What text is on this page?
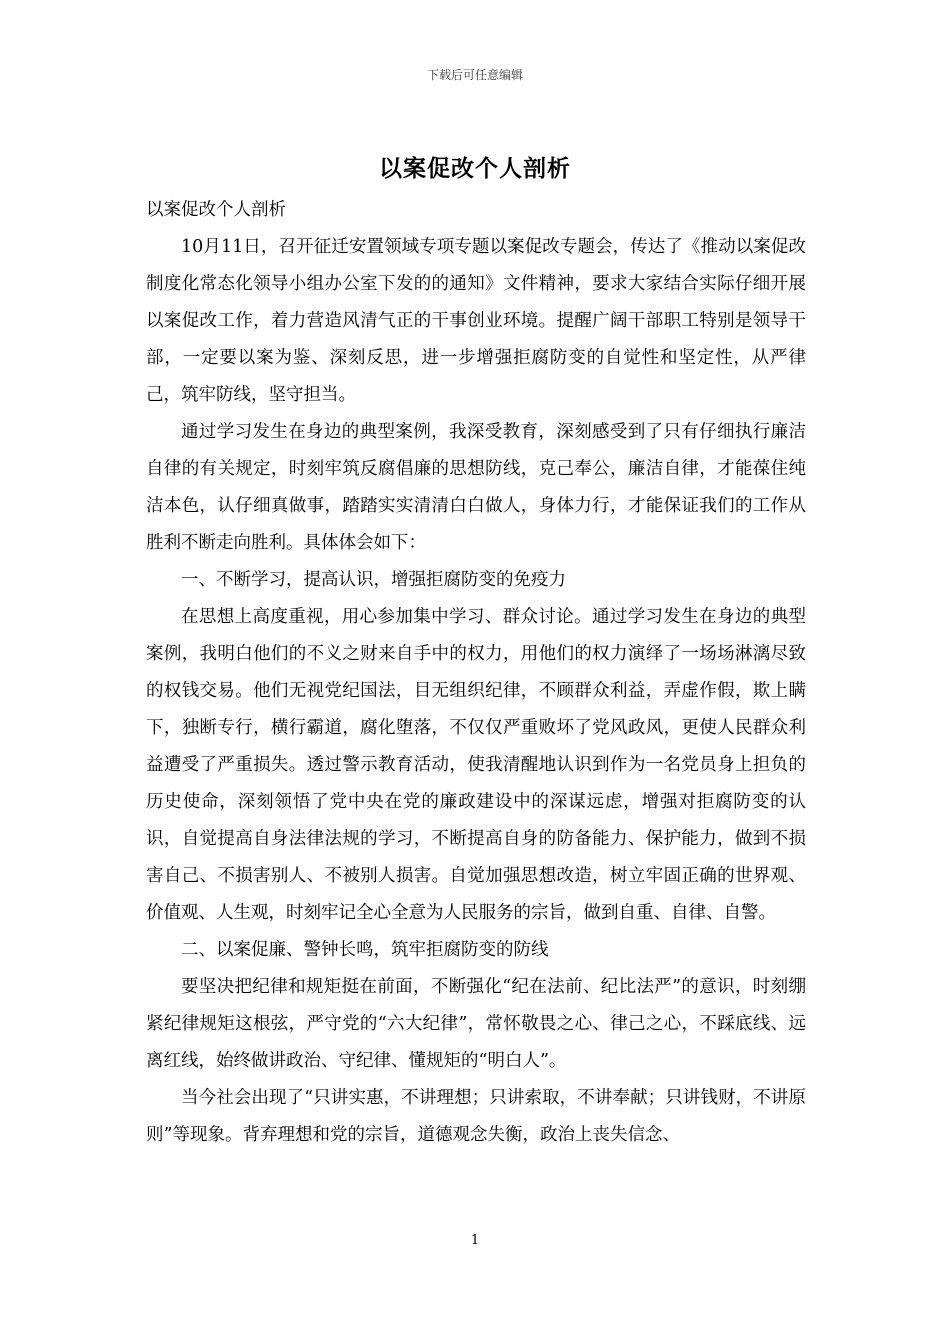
下载后可任意编辑
以案促改个人剖析

以案促改个人剖析

10月11日，召开征迁安置领域专项专题以案促改专题会，传达了《推动以案促改制度化常态化领导小组办公室下发的的通知》文件精神，要求大家结合实际仔细开展以案促改工作，着力营造风清气正的干事创业环境。提醒广阔干部职工特别是领导干部，一定要以案为鉴、深刻反思，进一步增强拒腐防变的自觉性和坚定性，从严律己，筑牢防线，坚守担当。

通过学习发生在身边的典型案例，我深受教育，深刻感受到了只有仔细执行廉洁自律的有关规定，时刻牢筑反腐倡廉的思想防线，克己奉公，廉洁自律，才能葆住纯洁本色，认仔细真做事，踏踏实实清清白白做人，身体力行，才能保证我们的工作从胜利不断走向胜利。具体体会如下：

一、不断学习，提高认识，增强拒腐防变的免疫力

在思想上高度重视，用心参加集中学习、群众讨论。通过学习发生在身边的典型案例，我明白他们的不义之财来自手中的权力，用他们的权力演绎了一场场淋漓尽致的权钱交易。他们无视党纪国法，目无组织纪律，不顾群众利益，弄虚作假，欺上瞒下，独断专行，横行霸道，腐化堕落，不仅仅严重败坏了党风政风，更使人民群众利益遭受了严重损失。透过警示教育活动，使我清醒地认识到作为一名党员身上担负的历史使命，深刻领悟了党中央在党的廉政建设中的深谋远虑，增强对拒腐防变的认识，自觉提高自身法律法规的学习，不断提高自身的防备能力、保护能力，做到不损害自己、不损害别人、不被别人损害。自觉加强思想改造，树立牢固正确的世界观、价值观、人生观，时刻牢记全心全意为人民服务的宗旨，做到自重、自律、自警。

二、以案促廉、警钟长鸣，筑牢拒腐防变的防线

要坚决把纪律和规矩挺在前面，不断强化“纪在法前、纪比法严”的意识，时刻绷紧纪律规矩这根弦，严守党的“六大纪律”，常怀敬畏之心、律己之心，不踩底线、远离红线，始终做讲政治、守纪律、懂规矩的“明白人”。

当今社会出现了“只讲实惠，不讲理想；只讲索取，不讲奉献；只讲钱财，不讲原则”等现象。背弃理想和党的宗旨，道德观念失衡，政治上丧失信念、

1
